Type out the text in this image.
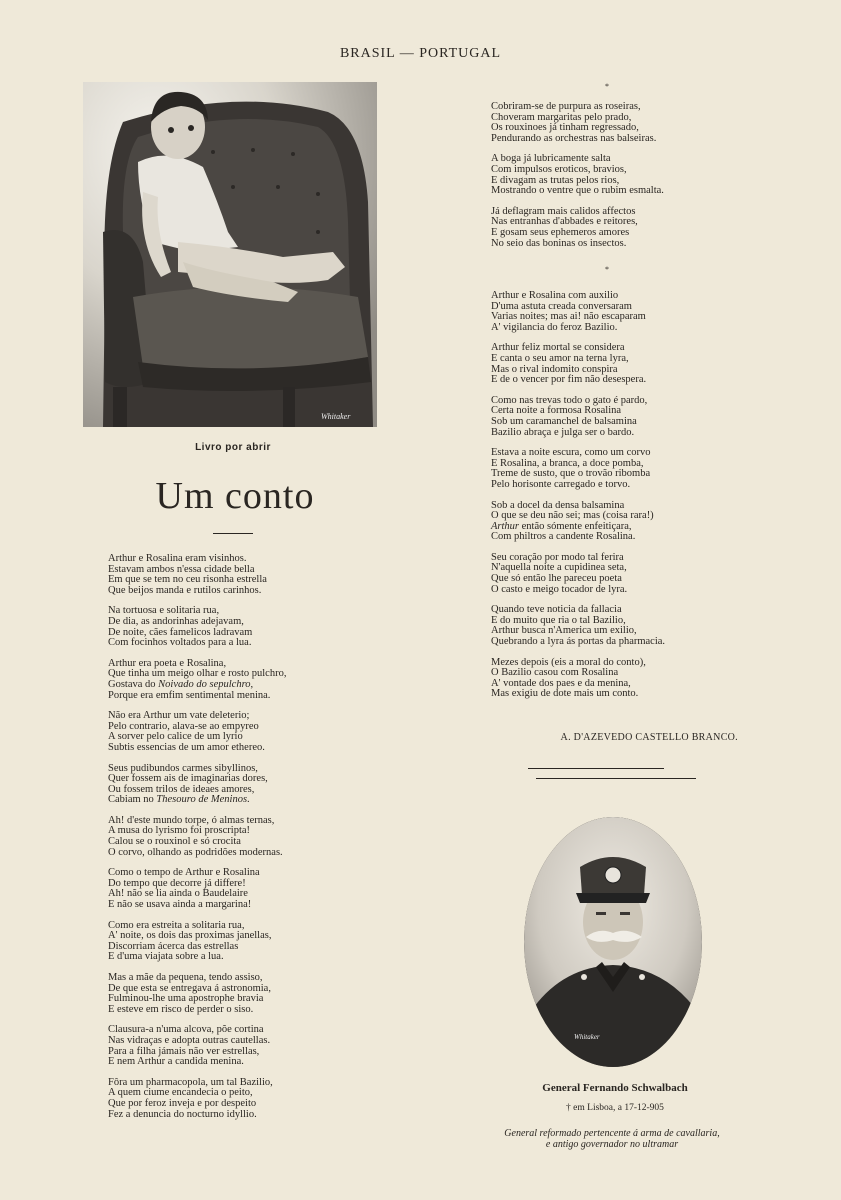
BRASIL — PORTUGAL
Whitaker
Livro por abrir
Um conto
Arthur e Rosalina eram visinhos.
Estavam ambos n'essa cidade bella
Em que se tem no ceu risonha estrella
Que beijos manda e rutilos carinhos.
Na tortuosa e solitaria rua,
De dia, as andorinhas adejavam,
De noite, cães famelicos ladravam
Com focinhos voltados para a lua.
Arthur era poeta e Rosalina,
Que tinha um meigo olhar e rosto pulchro,
Gostava do Noivado do sepulchro,
Porque era emfim sentimental menina.
Não era Arthur um vate deleterio;
Pelo contrario, alava-se ao empyreo
A sorver pelo calice de um lyrio
Subtis essencias de um amor ethereo.
Seus pudibundos carmes sibyllinos,
Quer fossem ais de imaginarias dores,
Ou fossem trilos de ideaes amores,
Cabiam no Thesouro de Meninos.
Ah! d'este mundo torpe, ó almas ternas,
A musa do lyrismo foi proscripta!
Calou se o rouxinol e só crocita
O corvo, olhando as podridões modernas.
Como o tempo de Arthur e Rosalina
Do tempo que decorre já differe!
Ah! não se lia ainda o Baudelaire
E não se usava ainda a margarina!
Como era estreita a solitaria rua,
A' noite, os dois das proximas janellas,
Discorriam ácerca das estrellas
E d'uma viajata sobre a lua.
Mas a mãe da pequena, tendo assiso,
De que esta se entregava á astronomia,
Fulminou-lhe uma apostrophe bravia
E esteve em risco de perder o siso.
Clausura-a n'uma alcova, põe cortina
Nas vidraças e adopta outras cautellas.
Para a filha jámais não ver estrellas,
E nem Arthur a candida menina.
Fôra um pharmacopola, um tal Bazilio,
A quem ciume encandecia o peito,
Que por feroz inveja e por despeito
Fez a denuncia do nocturno idyllio.
*
Cobriram-se de purpura as roseiras,
Choveram margaritas pelo prado,
Os rouxinoes já tinham regressado,
Pendurando as orchestras nas balseiras.
A boga já lubricamente salta
Com impulsos eroticos, bravios,
E divagam as trutas pelos rios,
Mostrando o ventre que o rubim esmalta.
Já deflagram mais calidos affectos
Nas entranhas d'abbades e reitores,
E gosam seus ephemeros amores
No seio das boninas os insectos.
*
Arthur e Rosalina com auxilio
D'uma astuta creada conversaram
Varias noites; mas ai! não escaparam
A' vigilancia do feroz Bazilio.
Arthur feliz mortal se considera
E canta o seu amor na terna lyra,
Mas o rival indomito conspira
E de o vencer por fim não desespera.
Como nas trevas todo o gato é pardo,
Certa noite a formosa Rosalina
Sob um caramanchel de balsamina
Bazilio abraça e julga ser o bardo.
Estava a noite escura, como um corvo
E Rosalina, a branca, a doce pomba,
Treme de susto, que o trovão ribomba
Pelo horisonte carregado e torvo.
Sob a docel da densa balsamina
O que se deu não sei; mas (coisa rara!)
Arthur então sómente enfeitiçara,
Com philtros a candente Rosalina.
Seu coração por modo tal ferira
N'aquella noite a cupidinea seta,
Que só então lhe pareceu poeta
O casto e meigo tocador de lyra.
Quando teve noticia da fallacia
E do muito que ria o tal Bazilio,
Arthur busca n'America um exilio,
Quebrando a lyra ás portas da pharmacia.
Mezes depois (eis a moral do conto),
O Bazilio casou com Rosalina
A' vontade dos paes e da menina,
Mas exigiu de dote mais um conto.
A. D'AZEVEDO CASTELLO BRANCO.
Whitaker
General Fernando Schwalbach
† em Lisboa, a 17-12-905
General reformado pertencente á arma de cavallaria,
e antigo governador no ultramar
